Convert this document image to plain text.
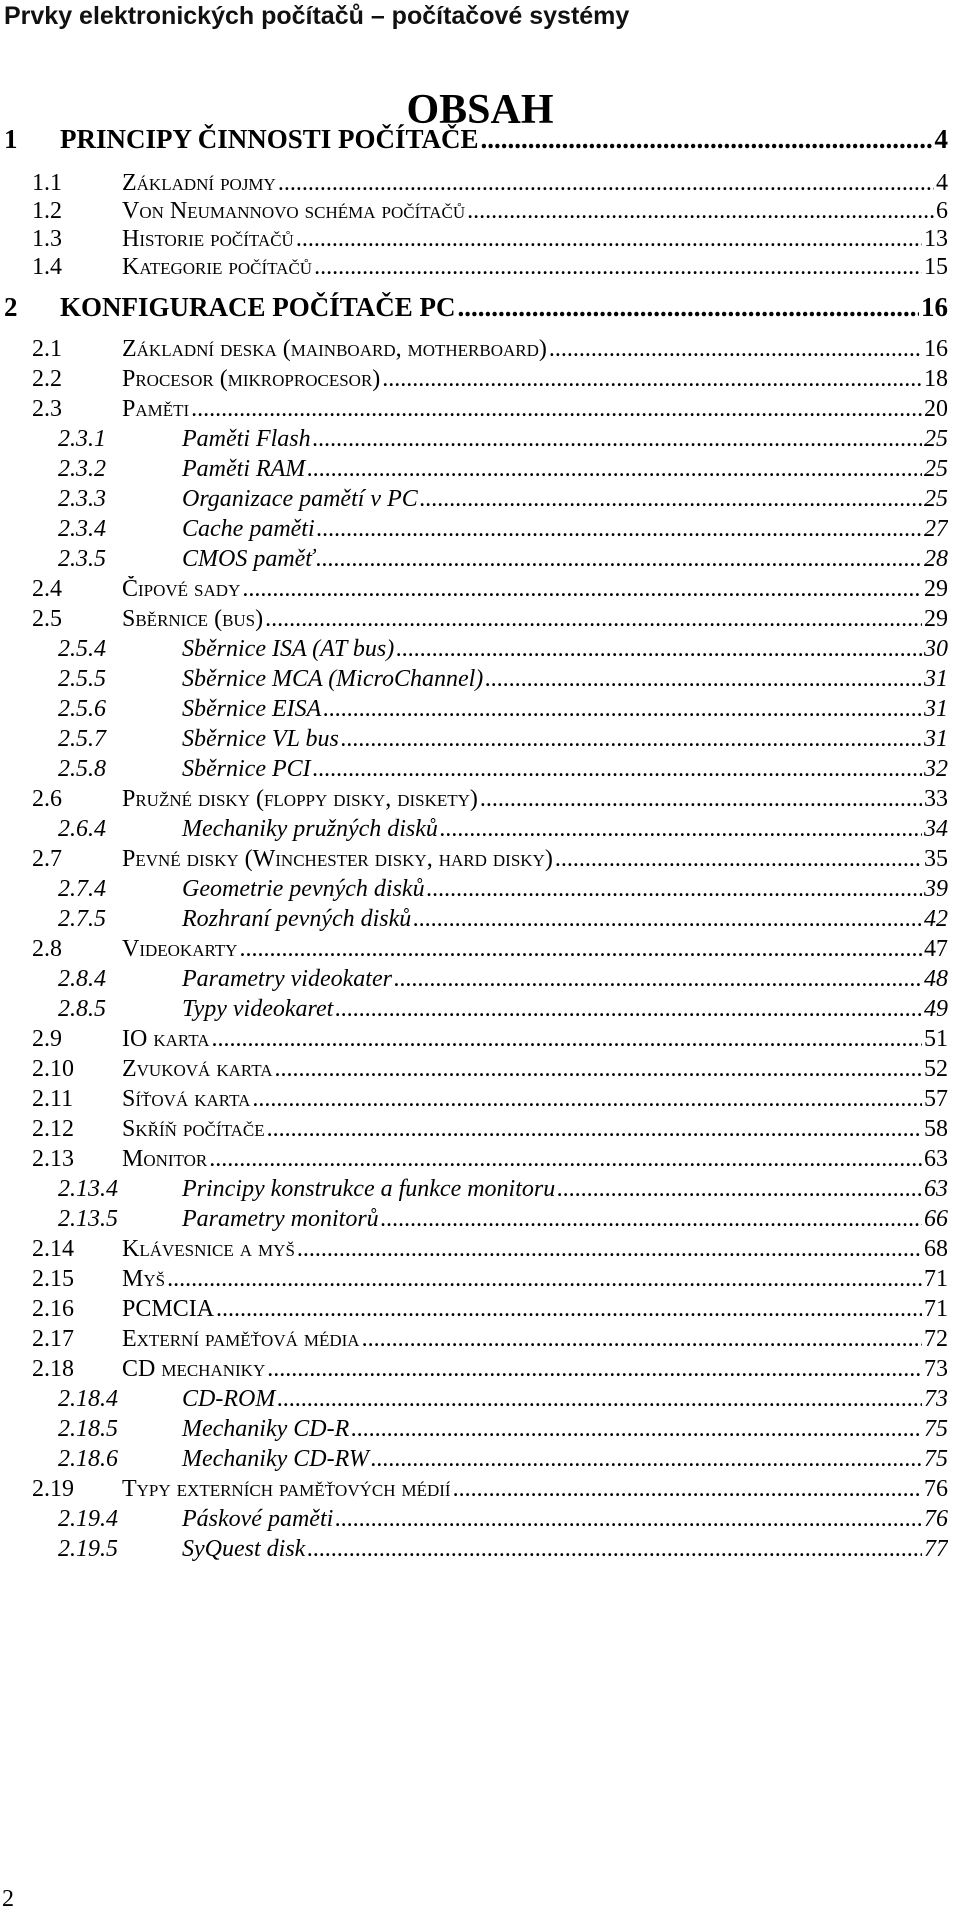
Prvky elektronických počítačů – počítačové systémy
OBSAH
1	PRINCIPY ČINNOSTI POČÍTAČE .....	4
1.1	Základní pojmy .....	4
1.2	Von Neumannovo schéma počítačů .....	6
1.3	Historie počítačů .....	13
1.4	Kategorie počítačů .....	15
2	KONFIGURACE POČÍTAČE PC .....	16
2.1	Základní deska (mainboard, motherboard) .....	16
2.2	Procesor (mikroprocesor) .....	18
2.3	Paměti .....	20
2.3.1	Paměti Flash .....	25
2.3.2	Paměti RAM .....	25
2.3.3	Organizace pamětí v PC .....	25
2.3.4	Cache paměti .....	27
2.3.5	CMOS paměť .....	28
2.4	Čipové sady .....	29
2.5	Sběrnice (bus) .....	29
2.5.4	Sběrnice ISA (AT bus) .....	30
2.5.5	Sběrnice MCA (MicroChannel) .....	31
2.5.6	Sběrnice EISA .....	31
2.5.7	Sběrnice VL bus .....	31
2.5.8	Sběrnice PCI .....	32
2.6	Pružné disky (floppy disky, diskety) .....	33
2.6.4	Mechaniky pružných disků .....	34
2.7	Pevné disky (Winchester disky, hard disky) .....	35
2.7.4	Geometrie pevných disků .....	39
2.7.5	Rozhraní pevných disků .....	42
2.8	Videokarty .....	47
2.8.4	Parametry videokater .....	48
2.8.5	Typy videokaret .....	49
2.9	IO karta .....	51
2.10	Zvuková karta .....	52
2.11	Síťová karta .....	57
2.12	Skříň počítače .....	58
2.13	Monitor .....	63
2.13.4	Principy konstrukce a funkce monitoru .....	63
2.13.5	Parametry monitorů .....	66
2.14	Klávesnice a myš .....	68
2.15	Myš .....	71
2.16	PCMCIA .....	71
2.17	Externí paměťová média .....	72
2.18	CD mechaniky .....	73
2.18.4	CD-ROM .....	73
2.18.5	Mechaniky CD-R .....	75
2.18.6	Mechaniky CD-RW .....	75
2.19	Typy externích paměťových médií .....	76
2.19.4	Páskové paměti .....	76
2.19.5	SyQuest disk .....	77
2
